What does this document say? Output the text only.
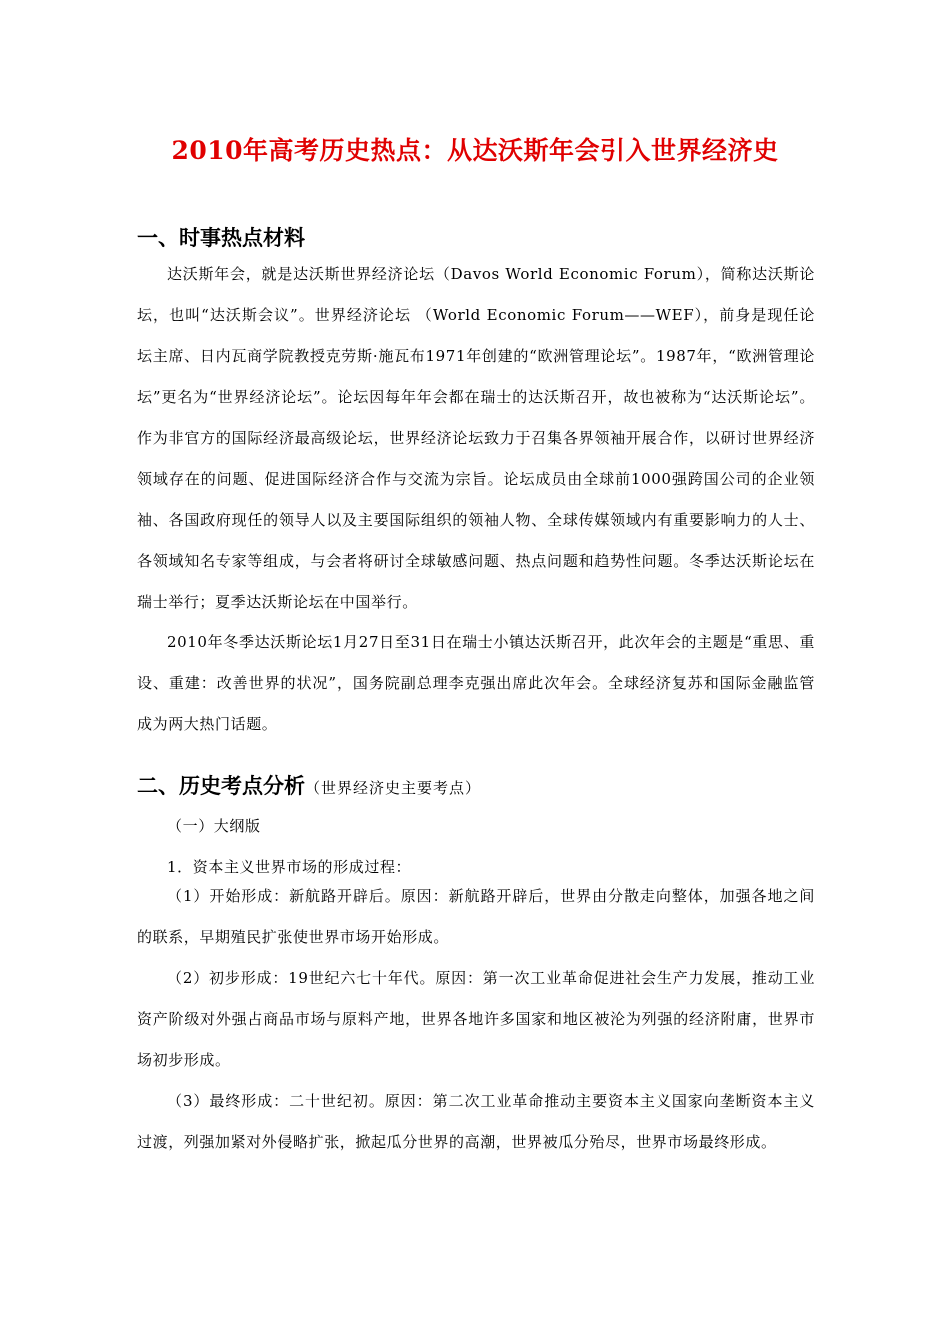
2010年高考历史热点：从达沃斯年会引入世界经济史
一、时事热点材料

达沃斯年会，就是达沃斯世界经济论坛（Davos World Economic Forum），简称达沃斯论坛，也叫“达沃斯会议”。世界经济论坛 （World Economic Forum——WEF），前身是现任论坛主席、日内瓦商学院教授克劳斯·施瓦布1971年创建的“欧洲管理论坛”。1987年，“欧洲管理论坛”更名为“世界经济论坛”。论坛因每年年会都在瑞士的达沃斯召开，故也被称为“达沃斯论坛”。作为非官方的国际经济最高级论坛，世界经济论坛致力于召集各界领袖开展合作，以研讨世界经济领域存在的问题、促进国际经济合作与交流为宗旨。论坛成员由全球前1000强跨国公司的企业领袖、各国政府现任的领导人以及主要国际组织的领袖人物、全球传媒领域内有重要影响力的人士、各领域知名专家等组成，与会者将研讨全球敏感问题、热点问题和趋势性问题。冬季达沃斯论坛在瑞士举行；夏季达沃斯论坛在中国举行。

2010年冬季达沃斯论坛1月27日至31日在瑞士小镇达沃斯召开，此次年会的主题是“重思、重设、重建：改善世界的状况”，国务院副总理李克强出席此次年会。全球经济复苏和国际金融监管成为两大热门话题。

二、历史考点分析（世界经济史主要考点）
（一）大纲版
1．资本主义世界市场的形成过程：

（1）开始形成：新航路开辟后。原因：新航路开辟后，世界由分散走向整体，加强各地之间的联系，早期殖民扩张使世界市场开始形成。

（2）初步形成：19世纪六七十年代。原因：第一次工业革命促进社会生产力发展，推动工业资产阶级对外强占商品市场与原料产地，世界各地许多国家和地区被沦为列强的经济附庸，世界市场初步形成。

（3）最终形成：二十世纪初。原因：第二次工业革命推动主要资本主义国家向垄断资本主义过渡，列强加紧对外侵略扩张，掀起瓜分世界的高潮，世界被瓜分殆尽，世界市场最终形成。
